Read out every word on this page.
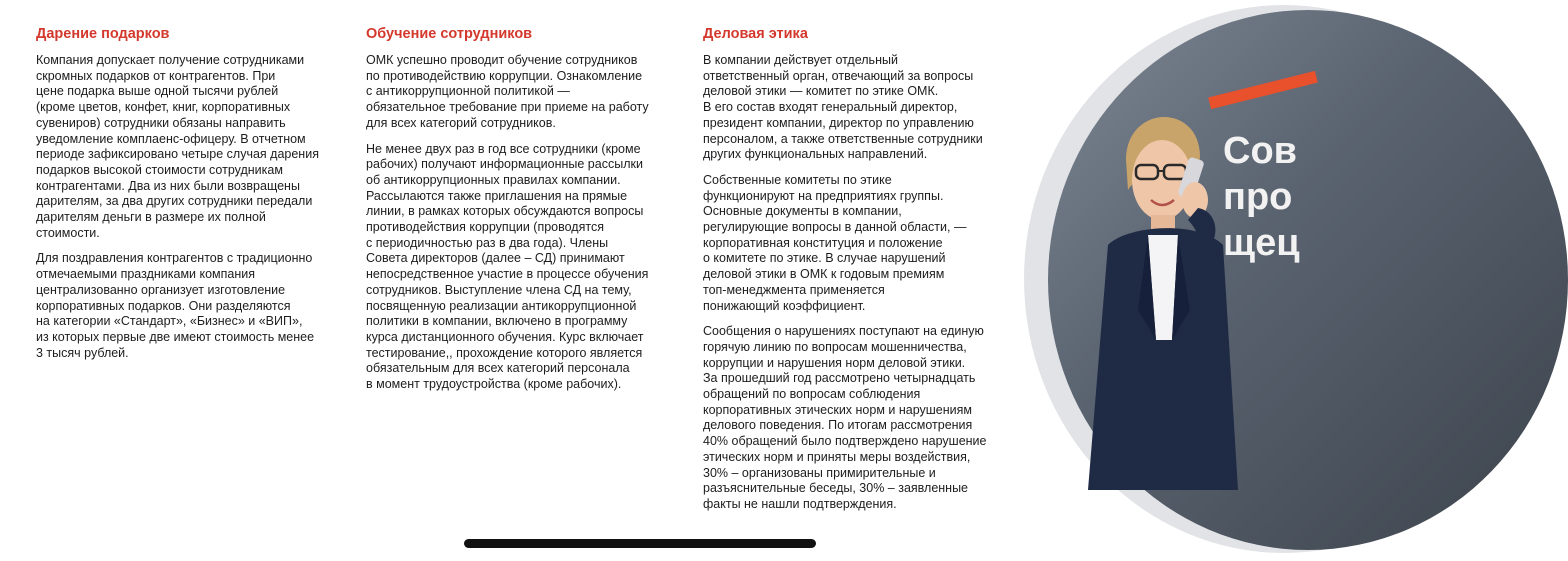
Дарение подарков

Компания допускает получение сотрудниками
скромных подарков от контрагентов. При
цене подарка выше одной тысячи рублей
(кроме цветов, конфет, книг, корпоративных
сувениров) сотрудники обязаны направить
уведомление комплаенс-офицеру. В отчетном
периоде зафиксировано четыре случая дарения
подарков высокой стоимости сотрудникам
контрагентами. Два из них были возвращены
дарителям, за два других сотрудники передали
дарителям деньги в размере их полной
стоимости.

Для поздравления контрагентов с традиционно
отмечаемыми праздниками компания
централизованно организует изготовление
корпоративных подарков. Они разделяются
на категории «Стандарт», «Бизнес» и «ВИП»,
из которых первые две имеют стоимость менее
3 тысяч рублей.

Обучение сотрудников

ОМК успешно проводит обучение сотрудников
по противодействию коррупции. Ознакомление
с антикоррупционной политикой —
обязательное требование при приеме на работу
для всех категорий сотрудников.

Не менее двух раз в год все сотрудники (кроме
рабочих) получают информационные рассылки
об антикоррупционных правилах компании.
Рассылаются также приглашения на прямые
линии, в рамках которых обсуждаются вопросы
противодействия коррупции (проводятся
с периодичностью раз в два года). Члены
Совета директоров (далее – СД) принимают
непосредственное участие в процессе обучения
сотрудников. Выступление члена СД на тему,
посвященную реализации антикоррупционной
политики в компании, включено в программу
курса дистанционного обучения. Курс включает
тестирование,, прохождение которого является
обязательным для всех категорий персонала
в момент трудоустройства (кроме рабочих).

Деловая этика

В компании действует отдельный
ответственный орган, отвечающий за вопросы
деловой этики — комитет по этике ОМК.
В его состав входят генеральный директор,
президент компании, директор по управлению
персоналом, а также ответственные сотрудники
других функциональных направлений.

Собственные комитеты по этике
функционируют на предприятиях группы.
Основные документы в компании,
регулирующие вопросы в данной области, —
корпоративная конституция и положение
о комитете по этике. В случае нарушений
деловой этики в ОМК к годовым премиям
топ-менеджмента применяется
понижающий коэффициент.

Сообщения о нарушениях поступают на единую
горячую линию по вопросам мошенничества,
коррупции и нарушения норм деловой этики.
За прошедший год рассмотрено четырнадцать
обращений по вопросам соблюдения
корпоративных этических норм и нарушениям
делового поведения. По итогам рассмотрения
40% обращений было подтверждено нарушение
этических норм и приняты меры воздействия,
30% – организованы примирительные и
разъяснительные беседы, 30% – заявленные
факты не нашли подтверждения.

Сов
про
щец
